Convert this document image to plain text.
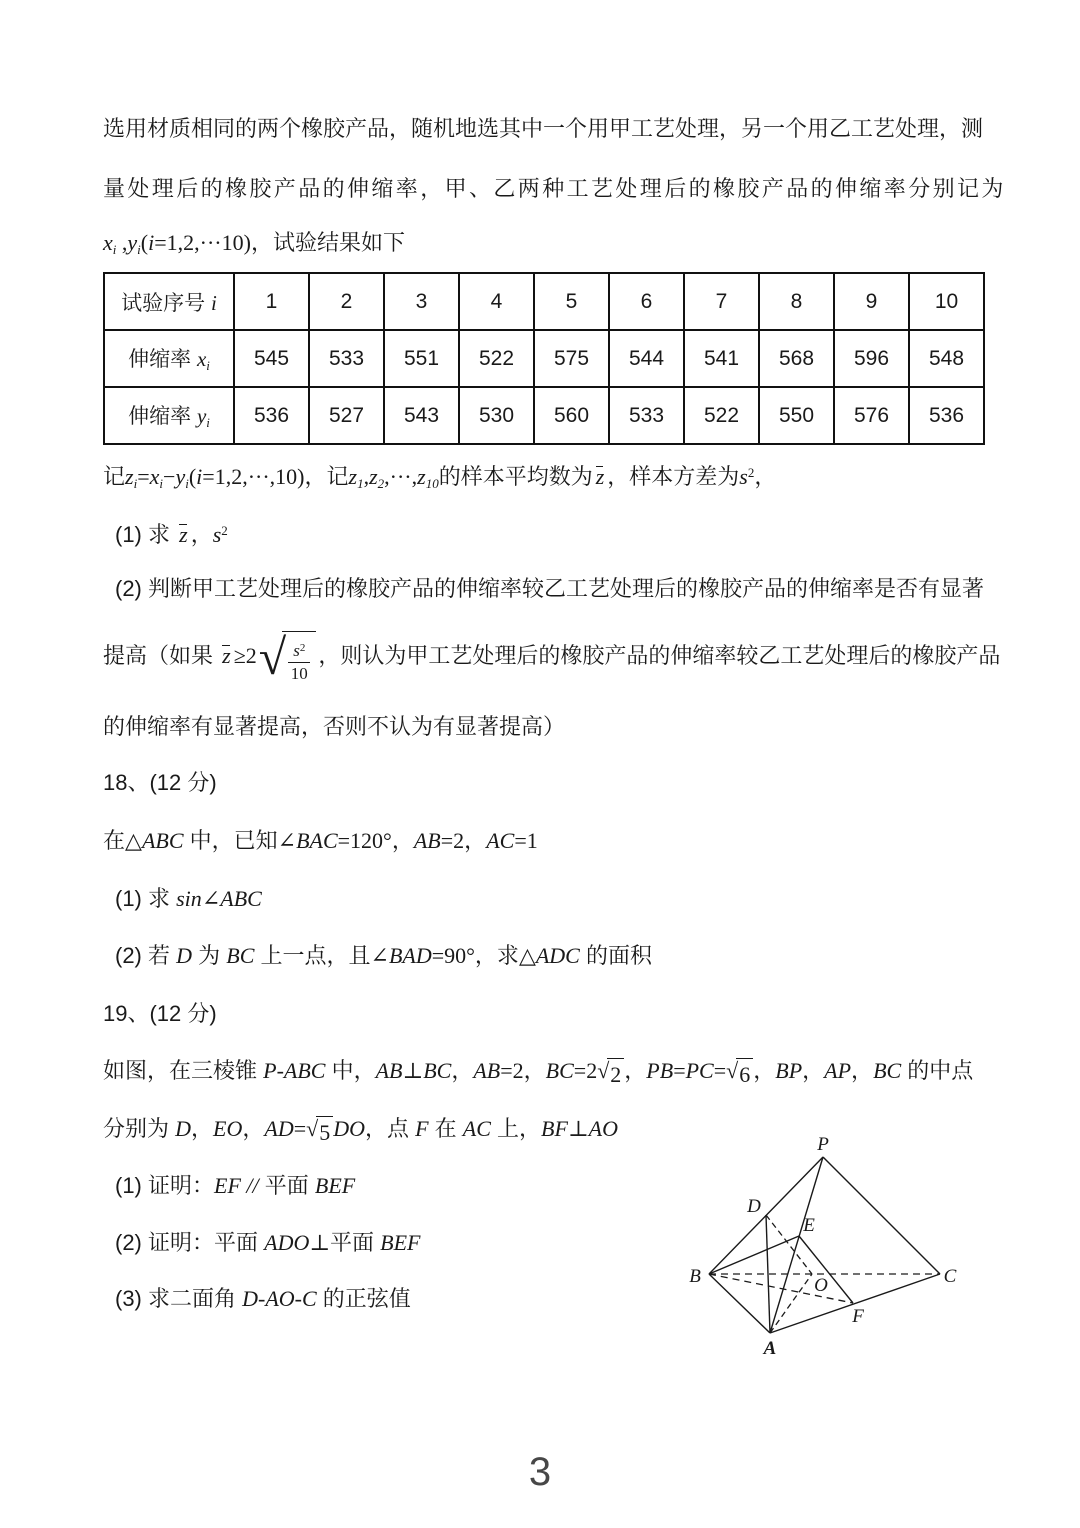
选用材质相同的两个橡胶产品，随机地选其中一个用甲工艺处理，另一个用乙工艺处理，测

量处理后的橡胶产品的伸缩率，甲、乙两种工艺处理后的橡胶产品的伸缩率分别记为

xi ,yi(i=1,2,···10)，试验结果如下

试验序号 i	1	2	3	4	5	6	7	8	9	10
伸缩率 xi	545	533	551	522	575	544	541	568	596	548
伸缩率 yi	536	527	543	530	560	533	522	550	576	536

记zi=xi−yi(i=1,2,···,10)，记z1,z2,···,z10的样本平均数为 z ，样本方差为$s^2$，

(1) 求 z ，$s^2$

(2) 判断甲工艺处理后的橡胶产品的伸缩率较乙工艺处理后的橡胶产品的伸缩率是否有显著

提高（如果 z ≥2 √ $\frac{s^2}{10}$ ，则认为甲工艺处理后的橡胶产品的伸缩率较乙工艺处理后的橡胶产品

的伸缩率有显著提高，否则不认为有显著提高）

18、(12 分)

在△ABC 中，已知∠BAC=120°，AB=2，AC=1

(1) 求 sin∠ABC

(2) 若 D 为 BC 上一点，且∠BAD=90°，求△ADC 的面积

19、(12 分)

如图，在三棱锥 P-ABC 中，AB⊥BC，AB=2，BC=2 √ 2 ，PB=PC= √ 6 ，BP，AP，BC 的中点

分别为 D，EO，AD= √ 5 DO，点 F 在 AC 上，BF⊥AO

(1) 证明：EF // 平面 BEF

(2) 证明：平面 ADO⊥平面 BEF

(3) 求二面角 D-AO-C 的正弦值

P
D
E
B	O	C
F
A
3
